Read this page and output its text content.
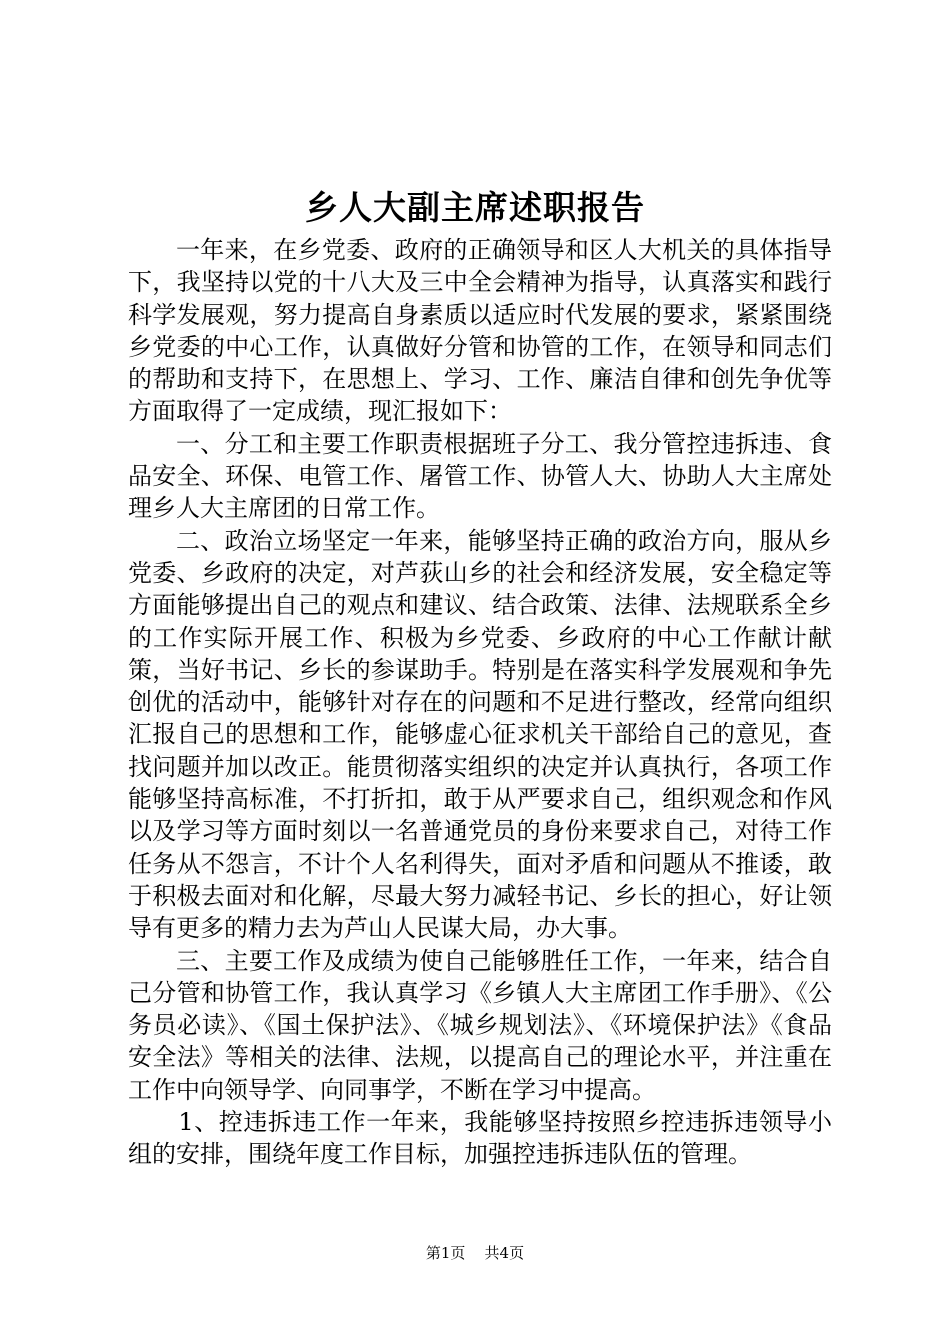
乡人大副主席述职报告

一年来，在乡党委、政府的正确领导和区人大机关的具体指导下，我坚持以党的十八大及三中全会精神为指导，认真落实和践行科学发展观，努力提高自身素质以适应时代发展的要求，紧紧围绕乡党委的中心工作，认真做好分管和协管的工作，在领导和同志们的帮助和支持下，在思想上、学习、工作、廉洁自律和创先争优等方面取得了一定成绩，现汇报如下：

一、分工和主要工作职责根据班子分工、我分管控违拆违、食品安全、环保、电管工作、屠管工作、协管人大、协助人大主席处理乡人大主席团的日常工作。

二、政治立场坚定一年来，能够坚持正确的政治方向，服从乡党委、乡政府的决定，对芦荻山乡的社会和经济发展，安全稳定等方面能够提出自己的观点和建议、结合政策、法律、法规联系全乡的工作实际开展工作、积极为乡党委、乡政府的中心工作献计献策，当好书记、乡长的参谋助手。特别是在落实科学发展观和争先创优的活动中，能够针对存在的问题和不足进行整改，经常向组织汇报自己的思想和工作，能够虚心征求机关干部给自己的意见，查找问题并加以改正。能贯彻落实组织的决定并认真执行，各项工作能够坚持高标准，不打折扣，敢于从严要求自己，组织观念和作风以及学习等方面时刻以一名普通党员的身份来要求自己，对待工作任务从不怨言，不计个人名利得失，面对矛盾和问题从不推诿，敢于积极去面对和化解，尽最大努力减轻书记、乡长的担心，好让领导有更多的精力去为芦山人民谋大局，办大事。

三、主要工作及成绩为使自己能够胜任工作，一年来，结合自己分管和协管工作，我认真学习《乡镇人大主席团工作手册》、《公务员必读》、《国土保护法》、《城乡规划法》、《环境保护法》《食品安全法》等相关的法律、法规，以提高自己的理论水平，并注重在工作中向领导学、向同事学，不断在学习中提高。

1、控违拆违工作一年来，我能够坚持按照乡控违拆违领导小组的安排，围绕年度工作目标，加强控违拆违队伍的管理。

第1页 共4页
